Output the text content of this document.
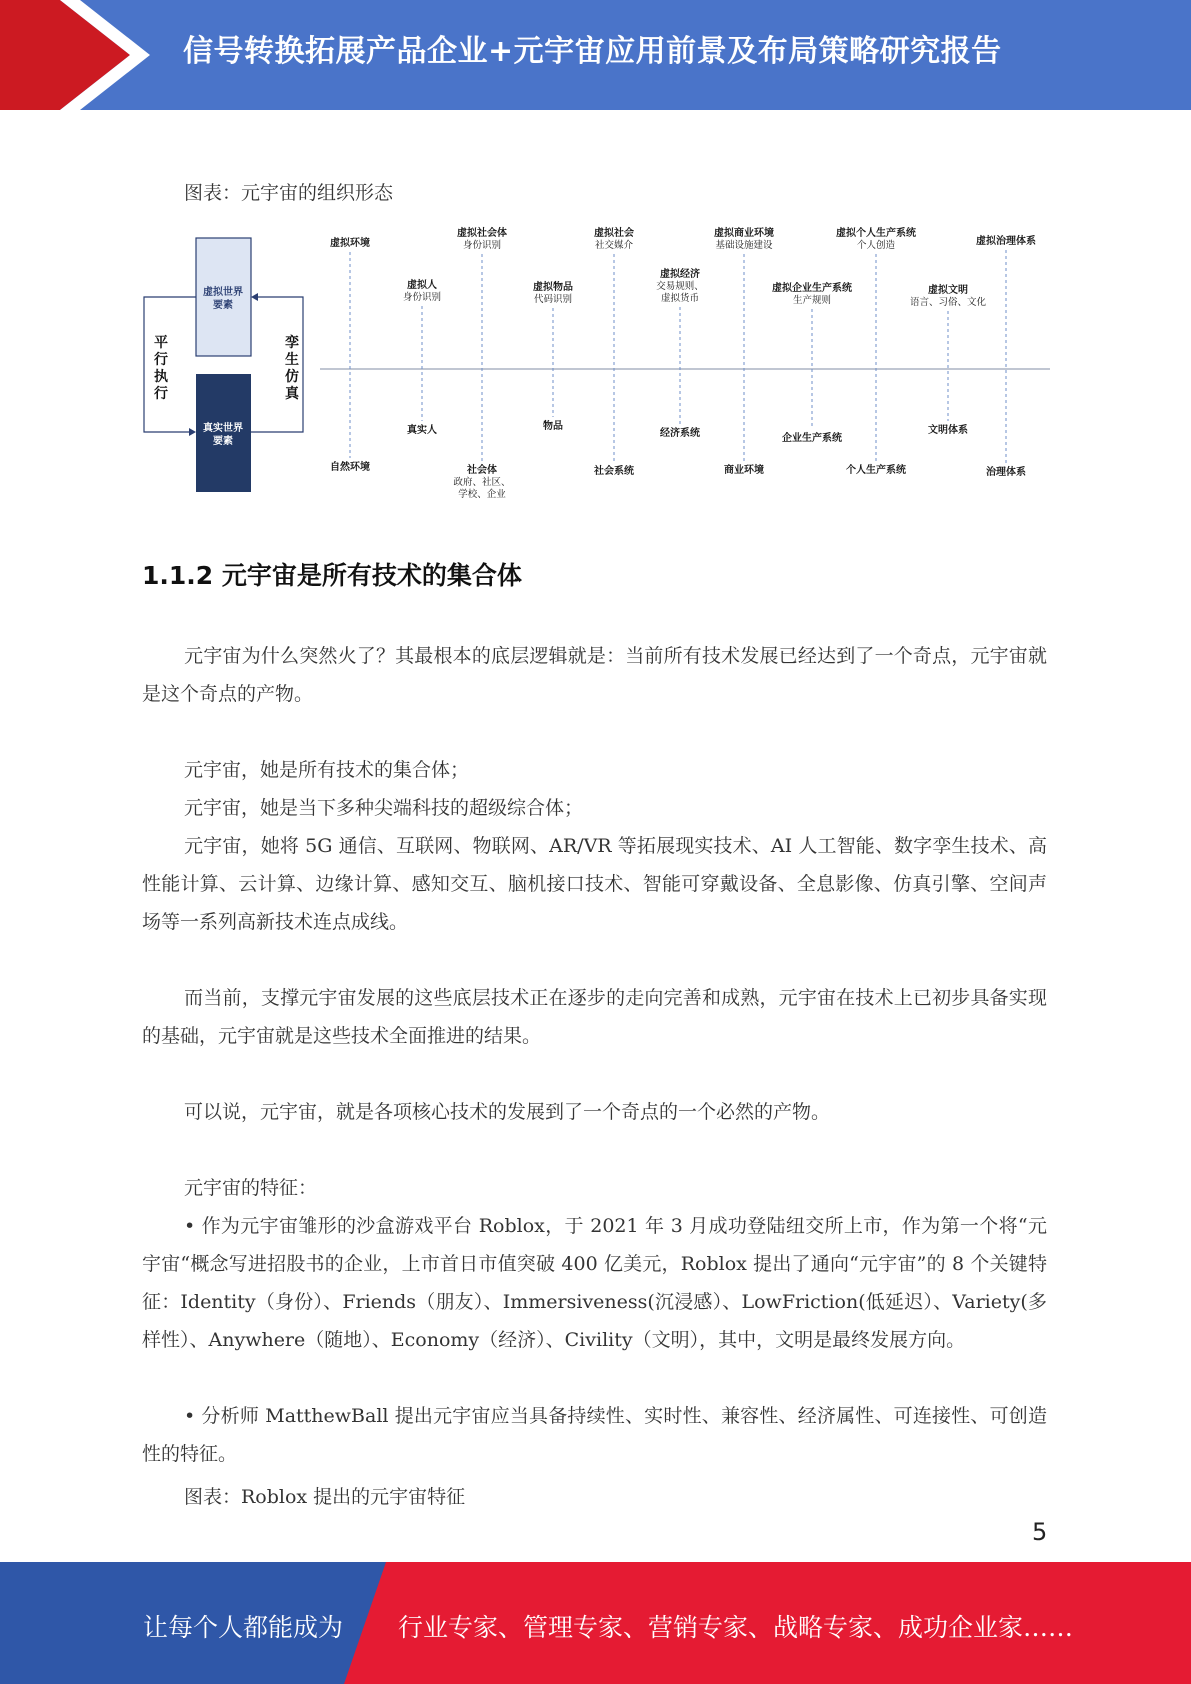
信号转换拓展产品企业+元宇宙应用前景及布局策略研究报告
图表：元宇宙的组织形态
虚拟世界要素
真实世界要素
平行执行
孪生仿真
虚拟环境
虚拟人
身份识别
虚拟社会体
身份识别
虚拟物品
代码识别
虚拟社会
社交媒介
虚拟经济
交易规则、
虚拟货币
虚拟商业环境
基础设施建设
虚拟企业生产系统
生产规则
虚拟个人生产系统
个人创造
虚拟文明
语言、习俗、文化
虚拟治理体系
自然环境
真实人
社会体
政府、社区、
学校、企业
物品
社会系统
经济系统
商业环境
企业生产系统
个人生产系统
文明体系
治理体系
1.1.2 元宇宙是所有技术的集合体
元宇宙为什么突然火了？其最根本的底层逻辑就是：当前所有技术发展已经达到了一个奇点，元宇宙就是这个奇点的产物。
元宇宙，她是所有技术的集合体；
元宇宙，她是当下多种尖端科技的超级综合体；
元宇宙，她将 5G 通信、互联网、物联网、AR/VR 等拓展现实技术、AI 人工智能、数字孪生技术、高性能计算、云计算、边缘计算、感知交互、脑机接口技术、智能可穿戴设备、全息影像、仿真引擎、空间声场等一系列高新技术连点成线。
而当前，支撑元宇宙发展的这些底层技术正在逐步的走向完善和成熟，元宇宙在技术上已初步具备实现的基础，元宇宙就是这些技术全面推进的结果。
可以说，元宇宙，就是各项核心技术的发展到了一个奇点的一个必然的产物。
元宇宙的特征：
• 作为元宇宙雏形的沙盒游戏平台 Roblox，于 2021 年 3 月成功登陆纽交所上市，作为第一个将“元宇宙“概念写进招股书的企业，上市首日市值突破 400 亿美元，Roblox 提出了通向“元宇宙”的 8 个关键特征：Identity（身份）、Friends（朋友）、Immersiveness(沉浸感）、LowFriction(低延迟）、Variety(多样性）、Anywhere（随地）、Economy（经济）、Civility（文明），其中，文明是最终发展方向。
• 分析师 MatthewBall 提出元宇宙应当具备持续性、实时性、兼容性、经济属性、可连接性、可创造性的特征。
图表：Roblox 提出的元宇宙特征
5
让每个人都能成为 行业专家、管理专家、营销专家、战略专家、成功企业家……
